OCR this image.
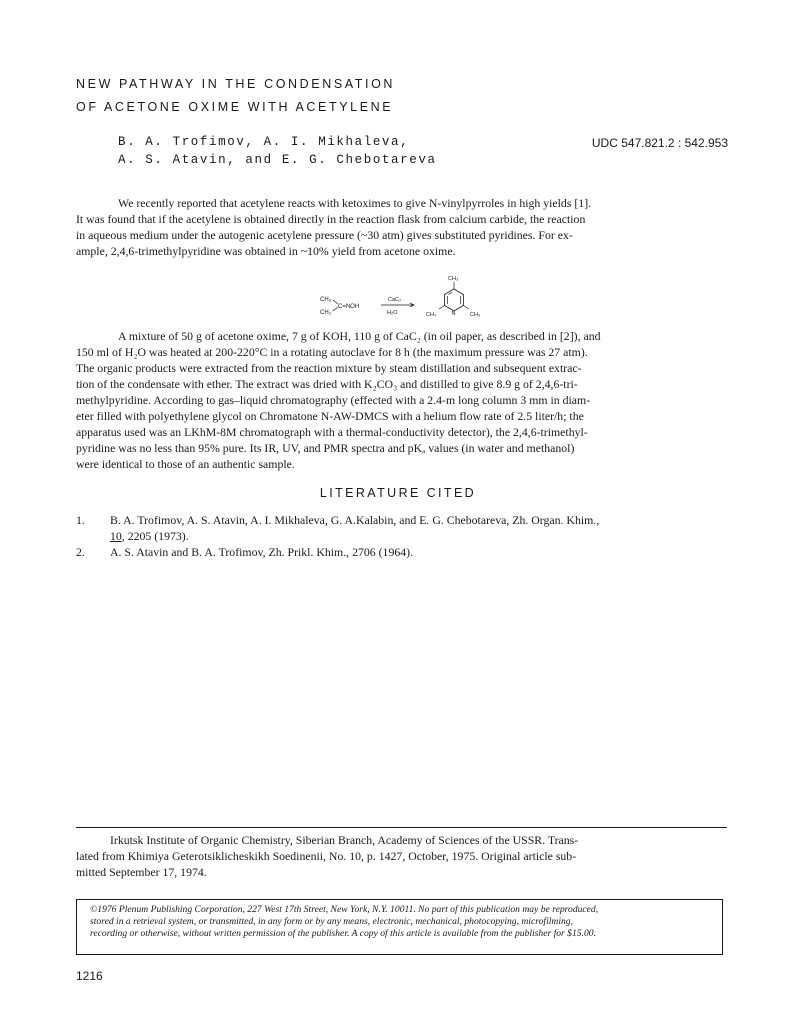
NEW PATHWAY IN THE CONDENSATION
OF ACETONE OXIME WITH ACETYLENE
B. A. Trofimov, A. I. Mikhaleva,
A. S. Atavin, and E. G. Chebotareva
UDC 547.821.2 : 542.953
We recently reported that acetylene reacts with ketoximes to give N-vinylpyrroles in high yields [1].
It was found that if the acetylene is obtained directly in the reaction flask from calcium carbide, the reaction
in aqueous medium under the autogenic acetylene pressure (~30 atm) gives substituted pyridines. For ex-
ample, 2,4,6-trimethylpyridine was obtained in ~10% yield from acetone oxime.
CH₃
CH₃
C=NOH
CaC₂
H₂O
CH₃
CH₃	N	CH₃
A mixture of 50 g of acetone oxime, 7 g of KOH, 110 g of CaC₂ (in oil paper, as described in [2]), and
150 ml of H₂O was heated at 200-220°C in a rotating autoclave for 8 h (the maximum pressure was 27 atm).
The organic products were extracted from the reaction mixture by steam distillation and subsequent extrac-
tion of the condensate with ether. The extract was dried with K₂CO₃ and distilled to give 8.9 g of 2,4,6-tri-
methylpyridine. According to gas–liquid chromatography (effected with a 2.4-m long column 3 mm in diam-
eter filled with polyethylene glycol on Chromatone N-AW-DMCS with a helium flow rate of 2.5 liter/h; the
apparatus used was an LKhM-8M chromatograph with a thermal-conductivity detector), the 2,4,6-trimethyl-
pyridine was no less than 95% pure. Its IR, UV, and PMR spectra and pKₐ values (in water and methanol)
were identical to those of an authentic sample.
LITERATURE CITED
1. B. A. Trofimov, A. S. Atavin, A. I. Mikhaleva, G. A.Kalabin, and E. G. Chebotareva, Zh. Organ. Khim.,
10, 2205 (1973).
2. A. S. Atavin and B. A. Trofimov, Zh. Prikl. Khim., 2706 (1964).
Irkutsk Institute of Organic Chemistry, Siberian Branch, Academy of Sciences of the USSR. Trans-
lated from Khimiya Geterotsiklicheskikh Soedinenii, No. 10, p. 1427, October, 1975. Original article sub-
mitted September 17, 1974.
©1976 Plenum Publishing Corporation, 227 West 17th Street, New York, N.Y. 10011. No part of this publication may be reproduced,
stored in a retrieval system, or transmitted, in any form or by any means, electronic, mechanical, photocopying, microfilming,
recording or otherwise, without written permission of the publisher. A copy of this article is available from the publisher for $15.00.
1216
